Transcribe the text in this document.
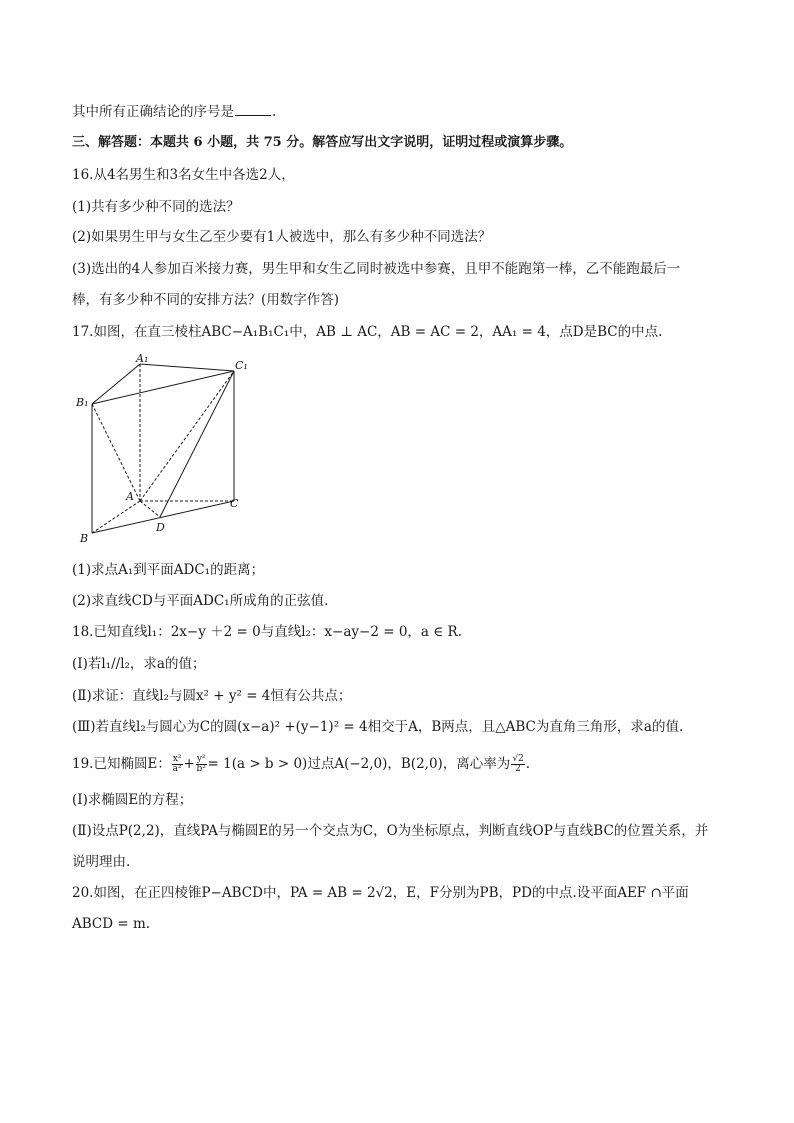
其中所有正确结论的序号是	.
三、解答题：本题共 6 小题，共 75 分。解答应写出文字说明，证明过程或演算步骤。
16.从4名男生和3名女生中各选2人，
(1)共有多少种不同的选法？
(2)如果男生甲与女生乙至少要有1人被选中，那么有多少种不同选法？
(3)选出的4人参加百米接力赛，男生甲和女生乙同时被选中参赛，且甲不能跑第一棒，乙不能跑最后一
棒，有多少种不同的安排方法？(用数字作答)
17.如图，在直三棱柱ABC−A₁B₁C₁中，AB ⊥ AC，AB = AC = 2，AA₁ = 4，点D是BC的中点.
A₁
C₁
B₁
A
C
B
D
(1)求点A₁到平面ADC₁的距离；
(2)求直线CD与平面ADC₁所成角的正弦值.
18.已知直线l₁：2x−y ＋2 = 0与直线l₂：x−ay−2 = 0，a ∈ R.
(Ⅰ)若l₁//l₂，求a的值；
(Ⅱ)求证：直线l₂与圆x² + y² = 4恒有公共点；
(Ⅲ)若直线l₂与圆心为C的圆(x−a)² +(y−1)² = 4相交于A，B两点，且△ABC为直角三角形，求a的值.
19.已知椭圆E： $\frac{\text{x²}}{\text{a²}} + \frac{\text{y²}}{\text{b²}} = 1(a > b > 0)$过点A(−2,0)，B(2,0)，离心率为 $\frac{√2}{2}$ .
(Ⅰ)求椭圆E的方程；
(Ⅱ)设点P(2,2)，直线PA与椭圆E的另一个交点为C，O为坐标原点，判断直线OP与直线BC的位置关系，并
说明理由.
20.如图，在正四棱锥P−ABCD中，PA = AB = 2√2，E，F分别为PB，PD的中点.设平面AEF ∩平面
ABCD = m.
